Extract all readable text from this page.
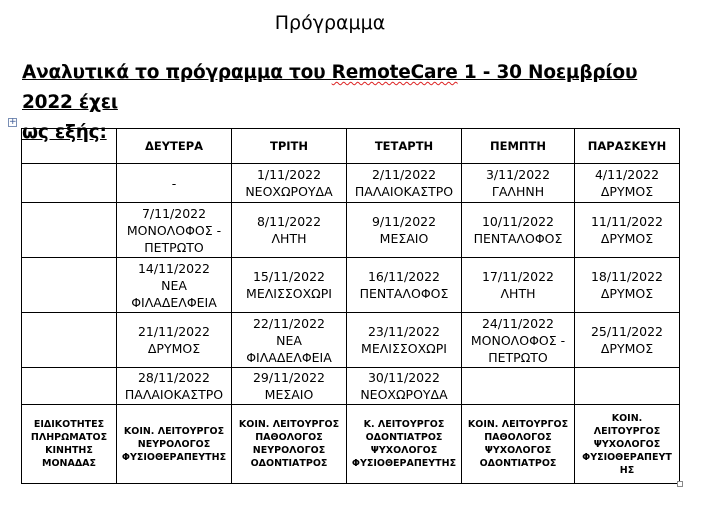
Πρόγραμμα
Αναλυτικά το πρόγραμμα του RemoteCare 1 - 30 Νοεμβρίου 2022 έχει
ως εξής:
+
	ΔΕΥΤΕΡΑ	ΤΡΙΤΗ	ΤΕΤΑΡΤΗ	ΠΕΜΠΤΗ	ΠΑΡΑΣΚΕΥΗ
	-	1/11/2022
ΝΕΟΧΩΡΟΥΔΑ	2/11/2022
ΠΑΛΑΙΟΚΑΣΤΡΟ	3/11/2022
ΓΑΛΗΝΗ	4/11/2022
ΔΡΥΜΟΣ

	7/11/2022
ΜΟΝΟΛΟΦΟΣ -
ΠΕΤΡΩΤΟ	8/11/2022
ΛΗΤΗ	9/11/2022
ΜΕΣΑΙΟ	10/11/2022
ΠΕΝΤΑΛΟΦΟΣ	11/11/2022
ΔΡΥΜΟΣ

	14/11/2022
ΝΕΑ
ΦΙΛΑΔΕΛΦΕΙΑ	15/11/2022
ΜΕΛΙΣΣΟΧΩΡΙ	16/11/2022
ΠΕΝΤΑΛΟΦΟΣ	17/11/2022
ΛΗΤΗ	18/11/2022
ΔΡΥΜΟΣ

	21/11/2022
ΔΡΥΜΟΣ	22/11/2022
ΝΕΑ
ΦΙΛΑΔΕΛΦΕΙΑ	23/11/2022
ΜΕΛΙΣΣΟΧΩΡΙ	24/11/2022
ΜΟΝΟΛΟΦΟΣ -
ΠΕΤΡΩΤΟ	25/11/2022
ΔΡΥΜΟΣ

	28/11/2022
ΠΑΛΑΙΟΚΑΣΤΡΟ	29/11/2022
ΜΕΣΑΙΟ	30/11/2022
ΝΕΟΧΩΡΟΥΔΑ		

ΕΙΔΙΚΟΤΗΤΕΣ
ΠΛΗΡΩΜΑΤΟΣ
ΚΙΝΗΤΗΣ
ΜΟΝΑΔΑΣ	ΚΟΙΝ. ΛΕΙΤΟΥΡΓΟΣ
ΝΕΥΡΟΛΟΓΟΣ
ΦΥΣΙΟΘΕΡΑΠΕΥΤΗΣ	ΚΟΙΝ. ΛΕΙΤΟΥΡΓΟΣ
ΠΑΘΟΛΟΓΟΣ
ΝΕΥΡΟΛΟΓΟΣ
ΟΔΟΝΤΙΑΤΡΟΣ	Κ. ΛΕΙΤΟΥΡΓΟΣ
ΟΔΟΝΤΙΑΤΡΟΣ
ΨΥΧΟΛΟΓΟΣ
ΦΥΣΙΟΘΕΡΑΠΕΥΤΗΣ	ΚΟΙΝ. ΛΕΙΤΟΥΡΓΟΣ
ΠΑΘΟΛΟΓΟΣ
ΨΥΧΟΛΟΓΟΣ
ΟΔΟΝΤΙΑΤΡΟΣ	ΚΟΙΝ.
ΛΕΙΤΟΥΡΓΟΣ
ΨΥΧΟΛΟΓΟΣ
ΦΥΣΙΟΘΕΡΑΠΕΥΤ
ΗΣ
